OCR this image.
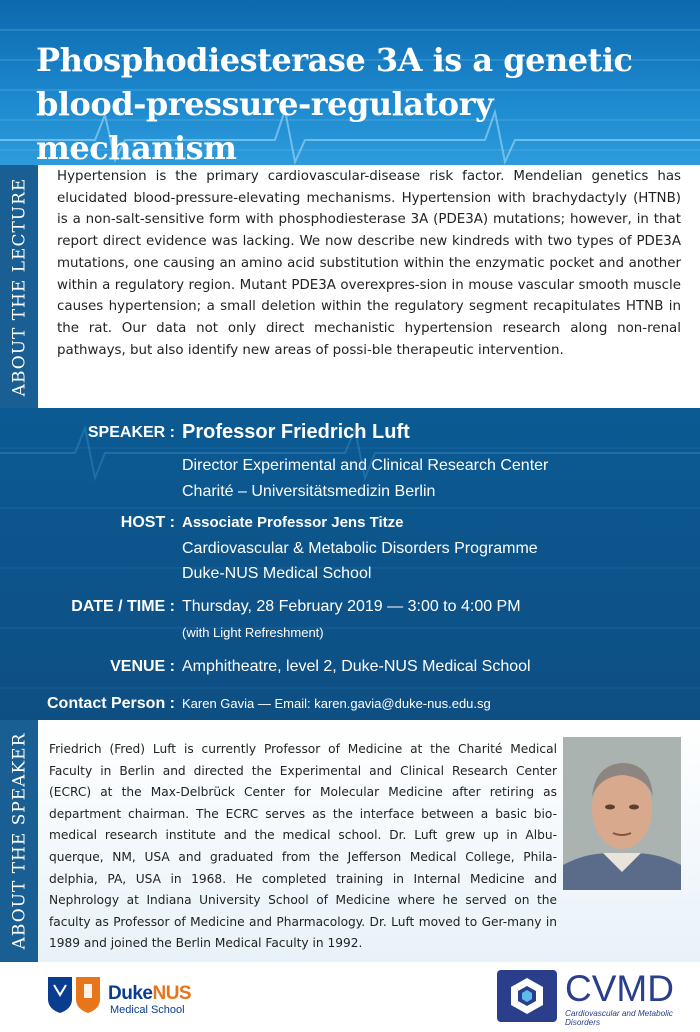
Phosphodiesterase 3A is a genetic blood-pressure-regulatory mechanism
ABOUT THE LECTURE
Hypertension is the primary cardiovascular-disease risk factor. Mendelian genetics has elucidated blood-pressure-elevating mechanisms. Hypertension with brachydactyly (HTNB) is a non-salt-sensitive form with phosphodiesterase 3A (PDE3A) mutations; however, in that report direct evidence was lacking. We now describe new kindreds with two types of PDE3A mutations, one causing an amino acid substitution within the enzymatic pocket and another within a regulatory region. Mutant PDE3A overexpres-sion in mouse vascular smooth muscle causes hypertension; a small deletion within the regulatory segment recapitulates HTNB in the rat. Our data not only direct mechanistic hypertension research along non-renal pathways, but also identify new areas of possi-ble therapeutic intervention.
SPEAKER : Professor Friedrich Luft
Director Experimental and Clinical Research Center
Charité – Universitätsmedizin Berlin
HOST : Associate Professor Jens Titze
Cardiovascular & Metabolic Disorders Programme
Duke-NUS Medical School
DATE / TIME : Thursday, 28 February 2019 — 3:00 to 4:00 PM
(with Light Refreshment)
VENUE : Amphitheatre, level 2, Duke-NUS Medical School
Contact Person : Karen Gavia — Email: karen.gavia@duke-nus.edu.sg
ABOUT THE SPEAKER Friedrich (Fred) Luft is currently Professor of Medicine at the Charité Medical Faculty in Berlin and directed the Experimental and Clinical Research Center (ECRC) at the Max-Delbrück Center for Molecular Medicine after retiring as department chairman. The ECRC serves as the interface between a basic bio-medical research institute and the medical school. Dr. Luft grew up in Albu-querque, NM, USA and graduated from the Jefferson Medical College, Phila-delphia, PA, USA in 1968. He completed training in Internal Medicine and Nephrology at Indiana University School of Medicine where he served on the faculty as Professor of Medicine and Pharmacology. Dr. Luft moved to Ger-many in 1989 and joined the Berlin Medical Faculty in 1992.
DukeNUS
Medical School
CVMD
Cardiovascular and Metabolic Disorders
